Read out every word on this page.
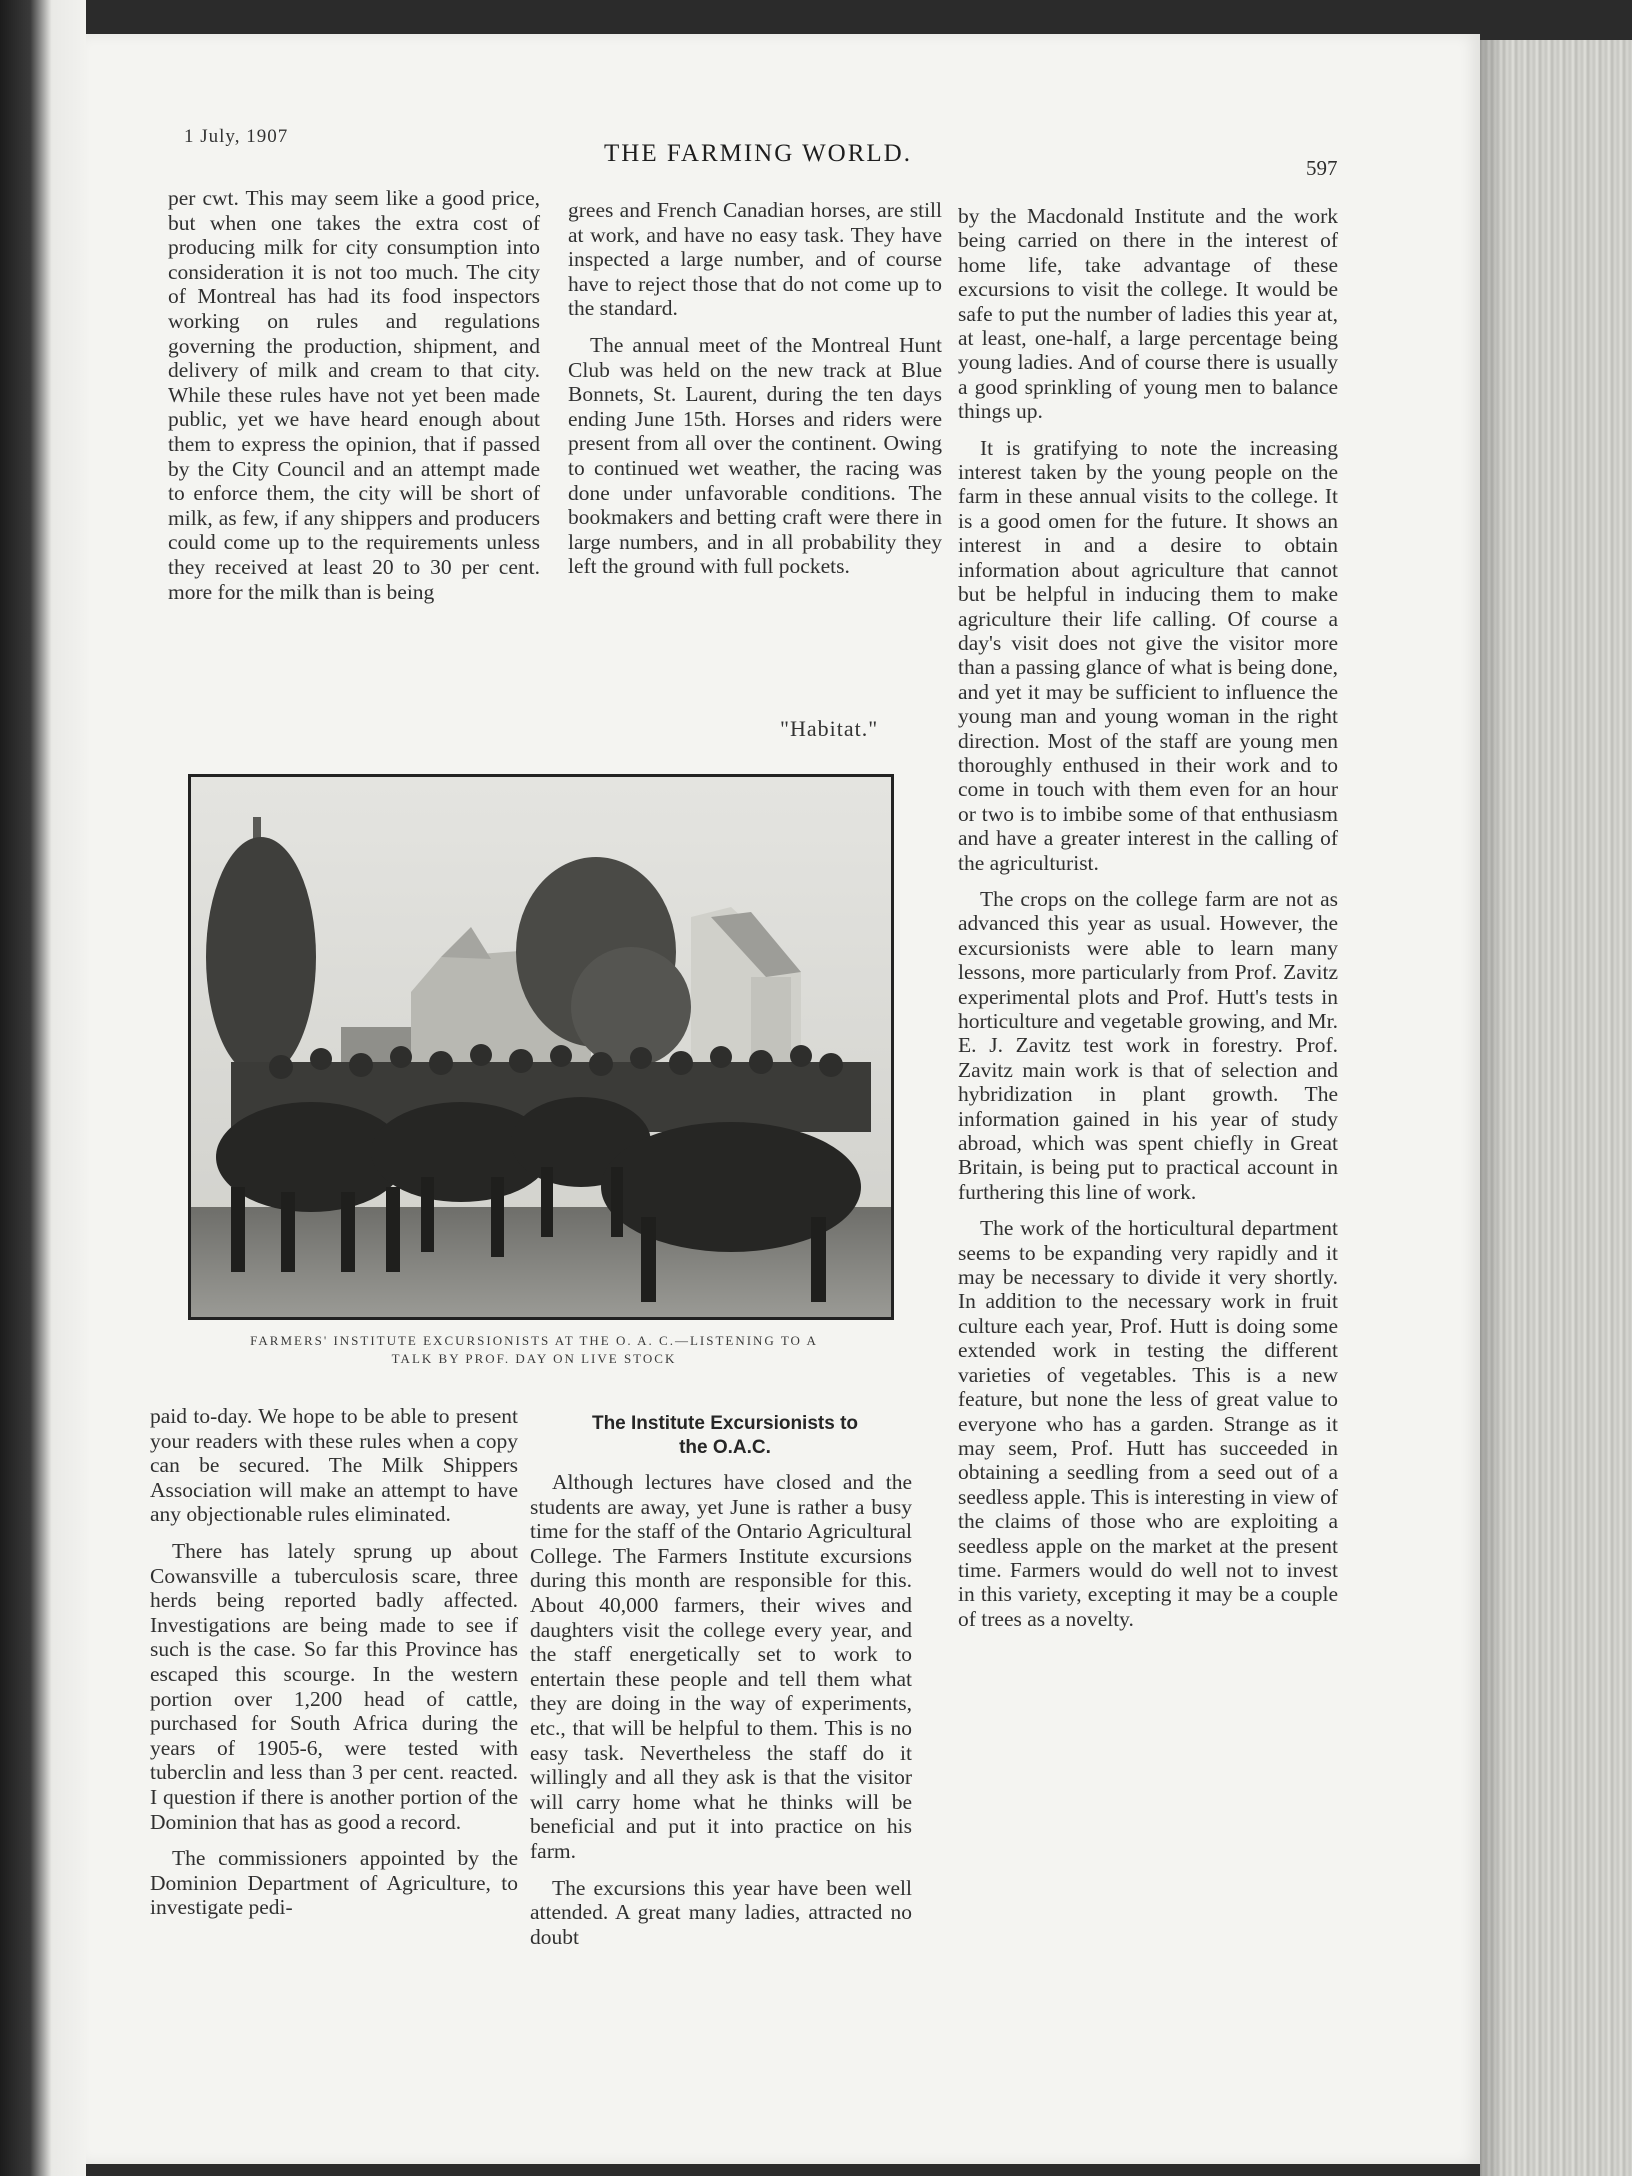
1 July, 1907
THE FARMING WORLD.
597

per cwt. This may seem like a good price, but when one takes the extra cost of producing milk for city consumption into consideration it is not too much. The city of Montreal has had its food inspectors working on rules and regulations governing the production, shipment, and delivery of milk and cream to that city. While these rules have not yet been made public, yet we have heard enough about them to express the opinion, that if passed by the City Council and an attempt made to enforce them, the city will be short of milk, as few, if any shippers and producers could come up to the requirements unless they received at least 20 to 30 per cent. more for the milk than is being

grees and French Canadian horses, are still at work, and have no easy task. They have inspected a large number, and of course have to reject those that do not come up to the standard.

The annual meet of the Montreal Hunt Club was held on the new track at Blue Bonnets, St. Laurent, during the ten days ending June 15th. Horses and riders were present from all over the continent. Owing to continued wet weather, the racing was done under unfavorable conditions. The bookmakers and betting craft were there in large numbers, and in all probability they left the ground with full pockets.

"Habitat."
FARMERS' INSTITUTE EXCURSIONISTS AT THE O. A. C.—LISTENING TO A
TALK BY PROF. DAY ON LIVE STOCK

paid to-day. We hope to be able to present your readers with these rules when a copy can be secured. The Milk Shippers Association will make an attempt to have any objectionable rules eliminated.

There has lately sprung up about Cowansville a tuberculosis scare, three herds being reported badly affected. Investigations are being made to see if such is the case. So far this Province has escaped this scourge. In the western portion over 1,200 head of cattle, purchased for South Africa during the years of 1905-6, were tested with tuberclin and less than 3 per cent. reacted. I question if there is another portion of the Dominion that has as good a record.

The commissioners appointed by the Dominion Department of Agriculture, to investigate pedi-

The Institute Excursionists to
the O.A.C.

Although lectures have closed and the students are away, yet June is rather a busy time for the staff of the Ontario Agricultural College. The Farmers Institute excursions during this month are responsible for this. About 40,000 farmers, their wives and daughters visit the college every year, and the staff energetically set to work to entertain these people and tell them what they are doing in the way of experiments, etc., that will be helpful to them. This is no easy task. Nevertheless the staff do it willingly and all they ask is that the visitor will carry home what he thinks will be beneficial and put it into practice on his farm.

The excursions this year have been well attended. A great many ladies, attracted no doubt

by the Macdonald Institute and the work being carried on there in the interest of home life, take advantage of these excursions to visit the college. It would be safe to put the number of ladies this year at, at least, one-half, a large percentage being young ladies. And of course there is usually a good sprinkling of young men to balance things up.

It is gratifying to note the increasing interest taken by the young people on the farm in these annual visits to the college. It is a good omen for the future. It shows an interest in and a desire to obtain information about agriculture that cannot but be helpful in inducing them to make agriculture their life calling. Of course a day's visit does not give the visitor more than a passing glance of what is being done, and yet it may be sufficient to influence the young man and young woman in the right direction. Most of the staff are young men thoroughly enthused in their work and to come in touch with them even for an hour or two is to imbibe some of that enthusiasm and have a greater interest in the calling of the agriculturist.

The crops on the college farm are not as advanced this year as usual. However, the excursionists were able to learn many lessons, more particularly from Prof. Zavitz experimental plots and Prof. Hutt's tests in horticulture and vegetable growing, and Mr. E. J. Zavitz test work in forestry. Prof. Zavitz main work is that of selection and hybridization in plant growth. The information gained in his year of study abroad, which was spent chiefly in Great Britain, is being put to practical account in furthering this line of work.

The work of the horticultural department seems to be expanding very rapidly and it may be necessary to divide it very shortly. In addition to the necessary work in fruit culture each year, Prof. Hutt is doing some extended work in testing the different varieties of vegetables. This is a new feature, but none the less of great value to everyone who has a garden. Strange as it may seem, Prof. Hutt has succeeded in obtaining a seedling from a seed out of a seedless apple. This is interesting in view of the claims of those who are exploiting a seedless apple on the market at the present time. Farmers would do well not to invest in this variety, excepting it may be a couple of trees as a novelty.
